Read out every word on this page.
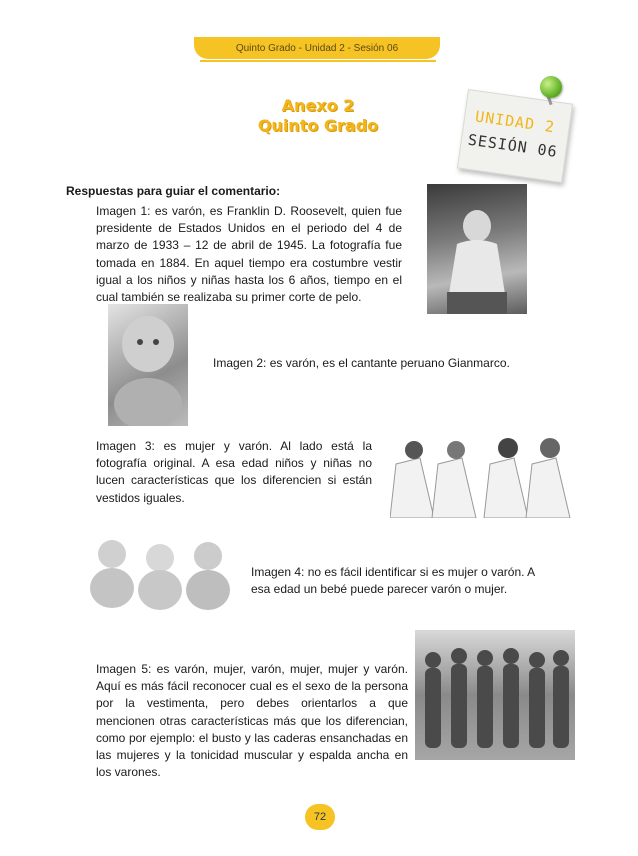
Quinto Grado - Unidad 2 - Sesión 06
Anexo 2
Quinto Grado	UNIDAD 2
SESIÓN 06
Respuestas para guiar el comentario:
Imagen 1: es varón, es Franklin D. Roosevelt, quien fue presidente de Estados Unidos en el periodo del 4 de marzo de 1933 – 12 de abril de 1945. La fotografía fue tomada en 1884. En aquel tiempo era costumbre vestir igual a los niños y niñas hasta los 6 años, tiempo en el cual también se realizaba su primer corte de pelo.
Imagen 2: es varón, es el cantante peruano Gianmarco.
Imagen 3: es mujer y varón. Al lado está la fotografía original. A esa edad niños y niñas no lucen características que los diferencien si están vestidos iguales.
Imagen 4: no es fácil identificar si es mujer o varón. A esa edad un bebé puede parecer varón o mujer.
Imagen 5: es varón, mujer, varón, mujer, mujer y varón. Aquí es más fácil reconocer cual es el sexo de la persona por la vestimenta, pero debes orientarlos a que mencionen otras características más que los diferencian, como por ejemplo: el busto y las caderas ensanchadas en las mujeres y la tonicidad muscular y espalda ancha en los varones.
72
